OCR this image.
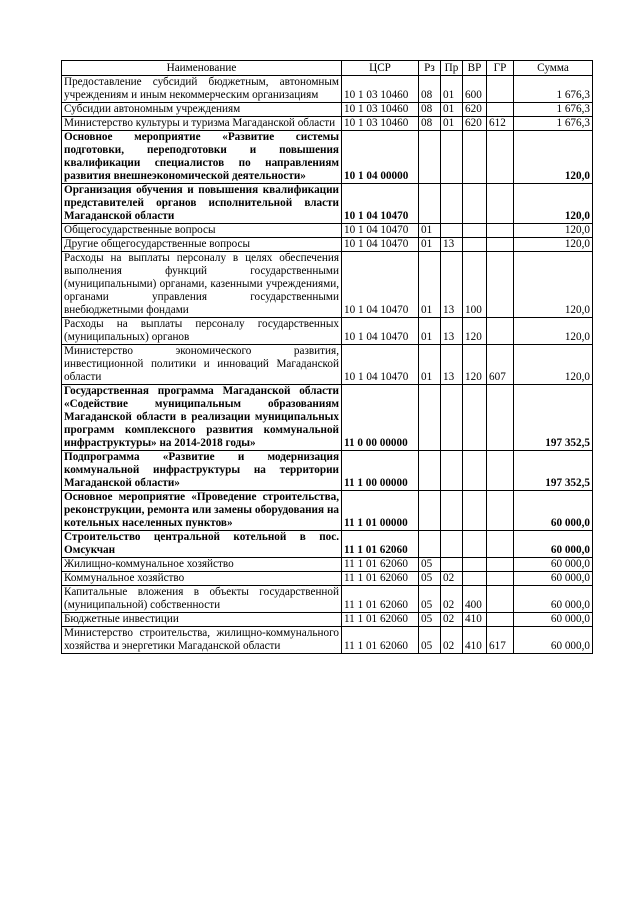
Наименование	ЦСР	Рз	Пр	ВР	ГР	Сумма
Предоставление субсидий бюджетным, автономным учреждениям и иным некоммерческим организациям	10 1 03 10460	08	01	600		1 676,3
Субсидии автономным учреждениям	10 1 03 10460	08	01	620		1 676,3
Министерство культуры и туризма Магаданской области	10 1 03 10460	08	01	620	612	1 676,3
Основное мероприятие «Развитие системы подготовки, переподготовки и повышения квалификации специалистов по направлениям развития внешнеэкономической деятельности»	10 1 04 00000					120,0
Организация обучения и повышения квалификации представителей органов исполнительной власти Магаданской области	10 1 04 10470					120,0
Общегосударственные вопросы	10 1 04 10470	01				120,0
Другие общегосударственные вопросы	10 1 04 10470	01	13			120,0
Расходы на выплаты персоналу в целях обеспечения выполнения функций государственными (муниципальными) органами, казенными учреждениями, органами управления государственными внебюджетными фондами	10 1 04 10470	01	13	100		120,0
Расходы на выплаты персоналу государственных (муниципальных) органов	10 1 04 10470	01	13	120		120,0
Министерство экономического развития, инвестиционной политики и инноваций Магаданской области	10 1 04 10470	01	13	120	607	120,0
Государственная программа Магаданской области «Содействие муниципальным образованиям Магаданской области в реализации муниципальных программ комплексного развития коммунальной инфраструктуры» на 2014-2018 годы»	11 0 00 00000					197 352,5
Подпрограмма «Развитие и модернизация коммунальной инфраструктуры на территории Магаданской области»	11 1 00 00000					197 352,5
Основное мероприятие «Проведение строительства, реконструкции, ремонта или замены оборудования на котельных населенных пунктов»	11 1 01 00000					60 000,0
Строительство центральной котельной в пос. Омсукчан	11 1 01 62060					60 000,0
Жилищно-коммунальное хозяйство	11 1 01 62060	05				60 000,0
Коммунальное хозяйство	11 1 01 62060	05	02			60 000,0
Капитальные вложения в объекты государственной (муниципальной) собственности	11 1 01 62060	05	02	400		60 000,0
Бюджетные инвестиции	11 1 01 62060	05	02	410		60 000,0
Министерство строительства, жилищно-коммунального хозяйства и энергетики Магаданской области	11 1 01 62060	05	02	410	617	60 000,0
